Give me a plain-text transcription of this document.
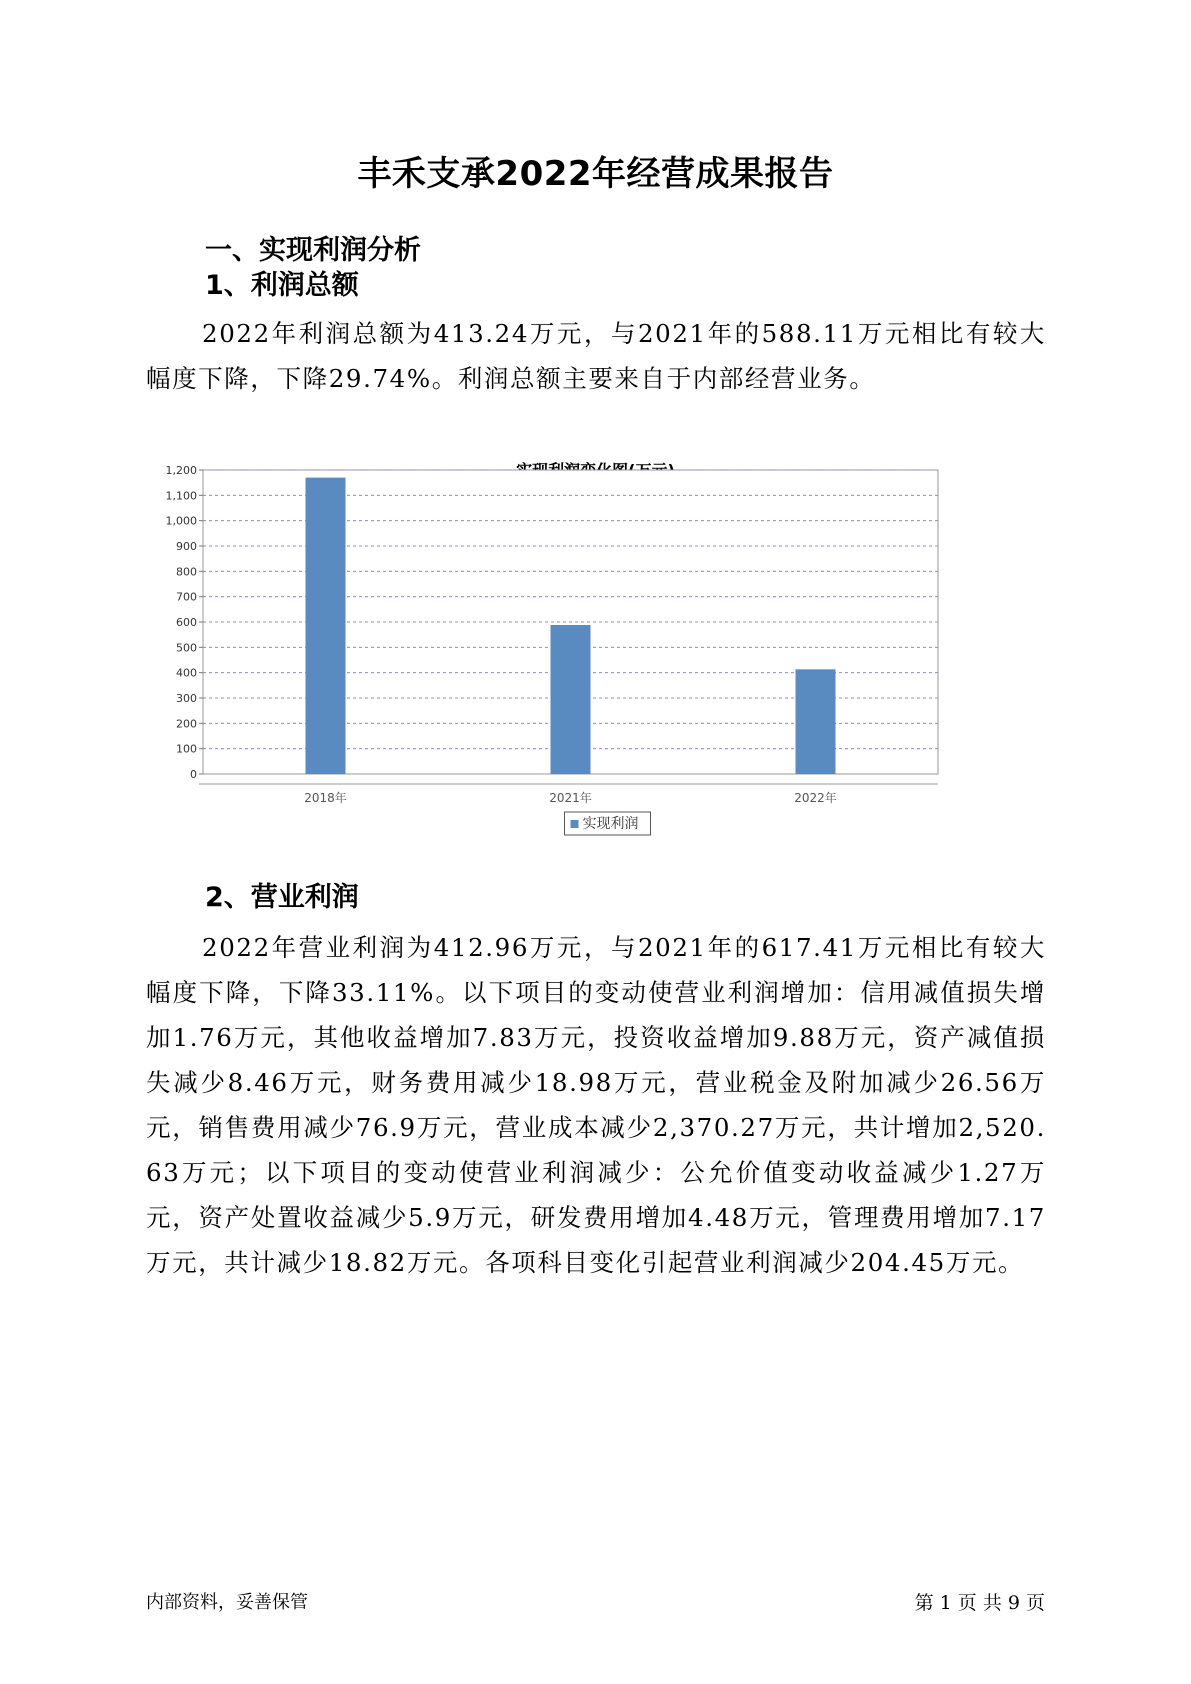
丰禾支承2022年经营成果报告
一、实现利润分析
1、利润总额
2022年利润总额为413.24万元，与2021年的588.11万元相比有较大幅度下降，下降29.74%。利润总额主要来自于内部经营业务。
0
100
200
300
400
500
600
700
800
900
1,000
1,100
1,200
2018年	2021年	2022年
实现利润
2、营业利润
2022年营业利润为412.96万元，与2021年的617.41万元相比有较大幅度下降，下降33.11%。以下项目的变动使营业利润增加：信用减值损失增加1.76万元，其他收益增加7.83万元，投资收益增加9.88万元，资产减值损失减少8.46万元，财务费用减少18.98万元，营业税金及附加减少26.56万元，销售费用减少76.9万元，营业成本减少2,370.27万元，共计增加2,520.63万元；以下项目的变动使营业利润减少：公允价值变动收益减少1.27万元，资产处置收益减少5.9万元，研发费用增加4.48万元，管理费用增加7.17万元，共计减少18.82万元。各项科目变化引起营业利润减少204.45万元。
内部资料，妥善保管	第 1 页 共 9 页
